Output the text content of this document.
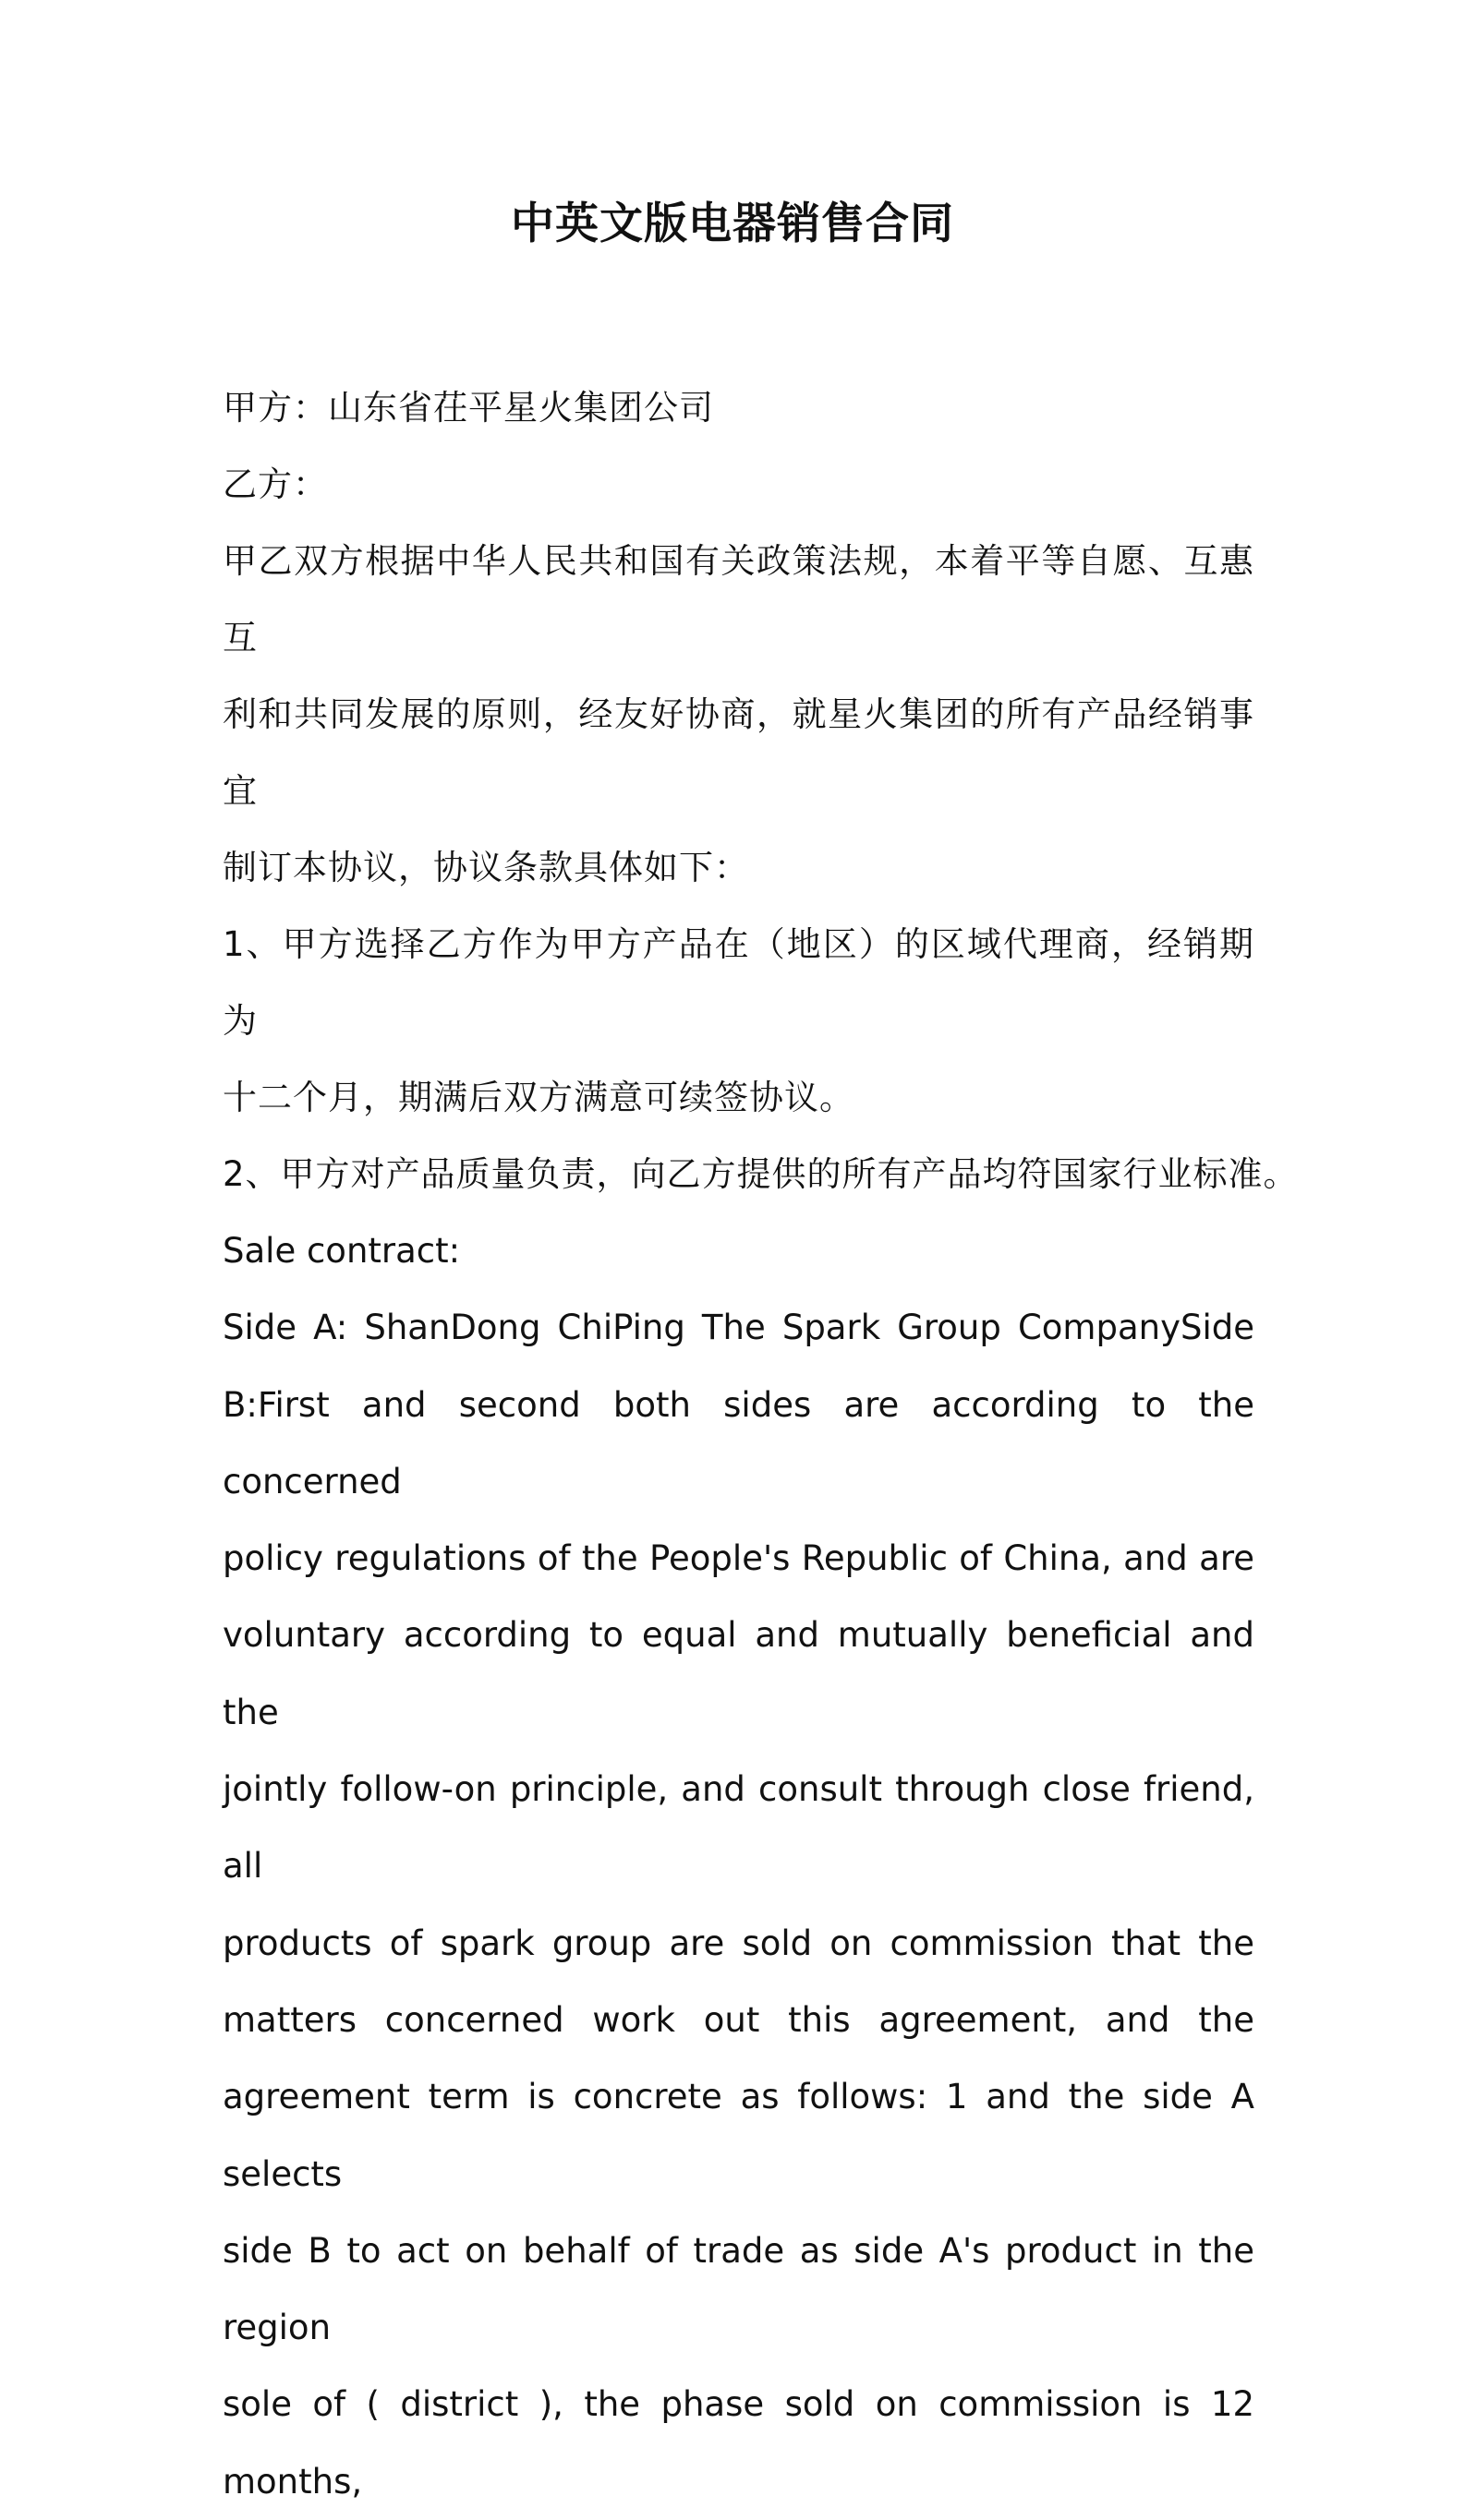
中英文版电器销售合同

甲方：山东省茌平星火集团公司

乙方：

甲乙双方根据中华人民共和国有关政策法规，本着平等自愿、互惠互
利和共同发展的原则，经友好协商，就星火集团的所有产品经销事宜
制订本协议，协议条款具体如下：

1、甲方选择乙方作为甲方产品在（地区）的区域代理商，经销期为
十二个月，期满后双方满意可续签协议。

2、甲方对产品质量负责，向乙方提供的所有产品均符国家行业标准。

Sale contract:

Side A: ShanDong ChiPing The Spark Group CompanySide
B:First and second both sides are according to the concerned
policy regulations of the People's Republic of China, and are
voluntary according to equal and mutually beneficial and the
jointly follow-on principle, and consult through close friend, all
products of spark group are sold on commission that the
matters concerned work out this agreement, and the
agreement term is concrete as follows: 1 and the side A selects
side B to act on behalf of trade as side A's product in the region
sole of ( district ), the phase sold on commission is 12 months,
